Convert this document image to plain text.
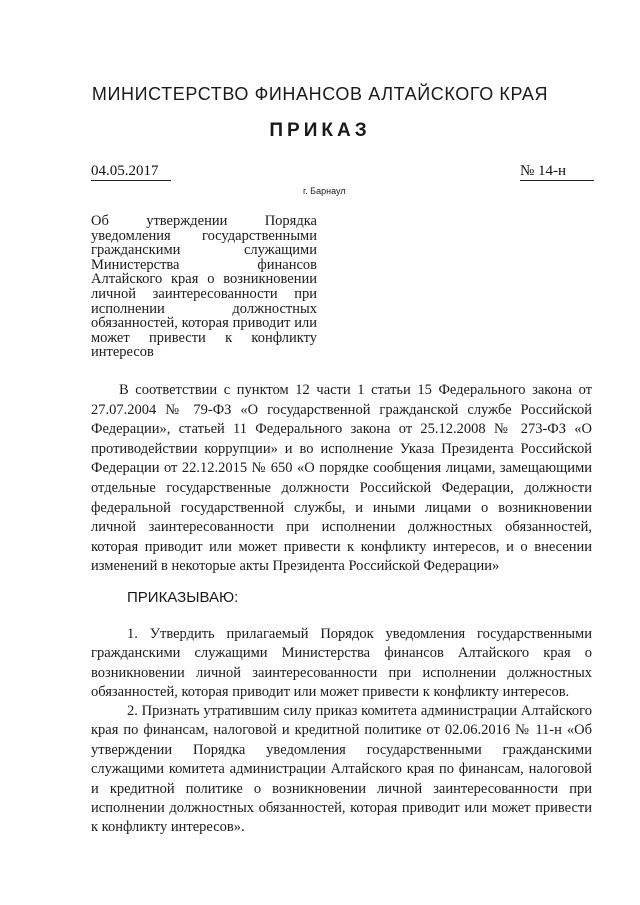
МИНИСТЕРСТВО ФИНАНСОВ АЛТАЙСКОГО КРАЯ
ПРИКАЗ
04.05.2017	№ 14-н
г. Барнаул
Об утверждении Порядка уведомления государственными гражданскими служащими Министерства финансов Алтайского края о возникновении личной заинтересованности при исполнении должностных обязанностей, которая приводит или может привести к конфликту интересов
В соответствии с пунктом 12 части 1 статьи 15 Федерального закона от 27.07.2004 № 79-ФЗ «О государственной гражданской службе Российской Федерации», статьей 11 Федерального закона от 25.12.2008 № 273-ФЗ «О противодействии коррупции» и во исполнение Указа Президента Российской Федерации от 22.12.2015 № 650 «О порядке сообщения лицами, замещающими отдельные государственные должности Российской Федерации, должности федеральной государственной службы, и иными лицами о возникновении личной заинтересованности при исполнении должностных обязанностей, которая приводит или может привести к конфликту интересов, и о внесении изменений в некоторые акты Президента Российской Федерации»
ПРИКАЗЫВАЮ:
1. Утвердить прилагаемый Порядок уведомления государственными гражданскими служащими Министерства финансов Алтайского края о возникновении личной заинтересованности при исполнении должностных обязанностей, которая приводит или может привести к конфликту интересов.
2. Признать утратившим силу приказ комитета администрации Алтайского края по финансам, налоговой и кредитной политике от 02.06.2016 № 11-н «Об утверждении Порядка уведомления государственными гражданскими служащими комитета администрации Алтайского края по финансам, налоговой и кредитной политике о возникновении личной заинтересованности при исполнении должностных обязанностей, которая приводит или может привести к конфликту интересов».
